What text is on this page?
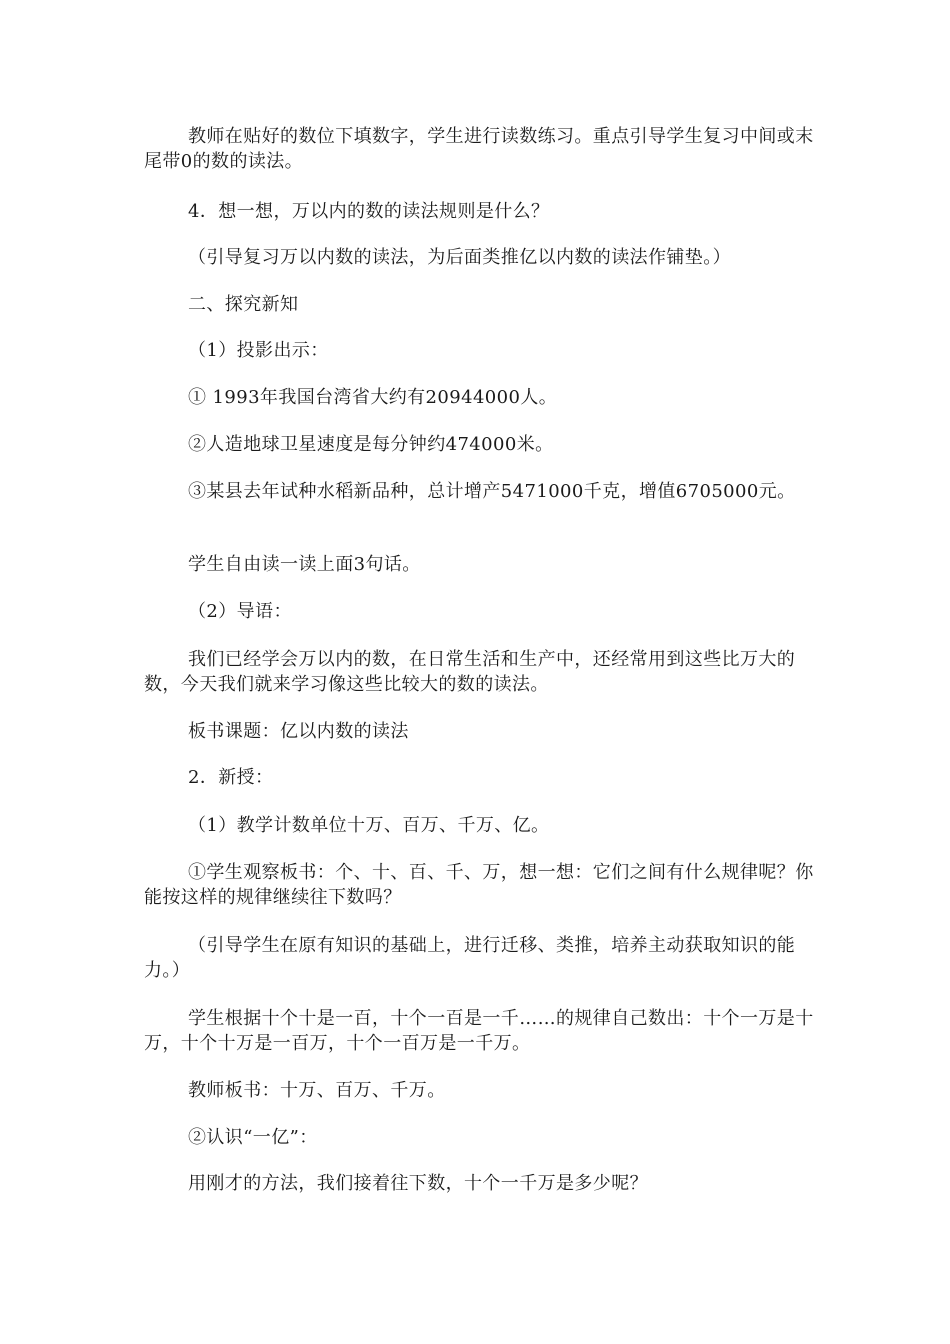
教师在贴好的数位下填数字，学生进行读数练习。重点引导学生复习中间或末尾带0的数的读法。

4．想一想，万以内的数的读法规则是什么？

（引导复习万以内数的读法，为后面类推亿以内数的读法作铺垫。）

二、探究新知

（1）投影出示：

① 1993年我国台湾省大约有20944000人。

②人造地球卫星速度是每分钟约474000米。

③某县去年试种水稻新品种，总计增产5471000千克，增值6705000元。

学生自由读一读上面3句话。

（2）导语：

我们已经学会万以内的数，在日常生活和生产中，还经常用到这些比万大的数，今天我们就来学习像这些比较大的数的读法。

板书课题：亿以内数的读法

2．新授：

（1）教学计数单位十万、百万、千万、亿。

①学生观察板书：个、十、百、千、万，想一想：它们之间有什么规律呢？你能按这样的规律继续往下数吗？

（引导学生在原有知识的基础上，进行迁移、类推，培养主动获取知识的能力。）

学生根据十个十是一百，十个一百是一千……的规律自己数出：十个一万是十万，十个十万是一百万，十个一百万是一千万。

教师板书：十万、百万、千万。

②认识“一亿”：

用刚才的方法，我们接着往下数，十个一千万是多少呢？
